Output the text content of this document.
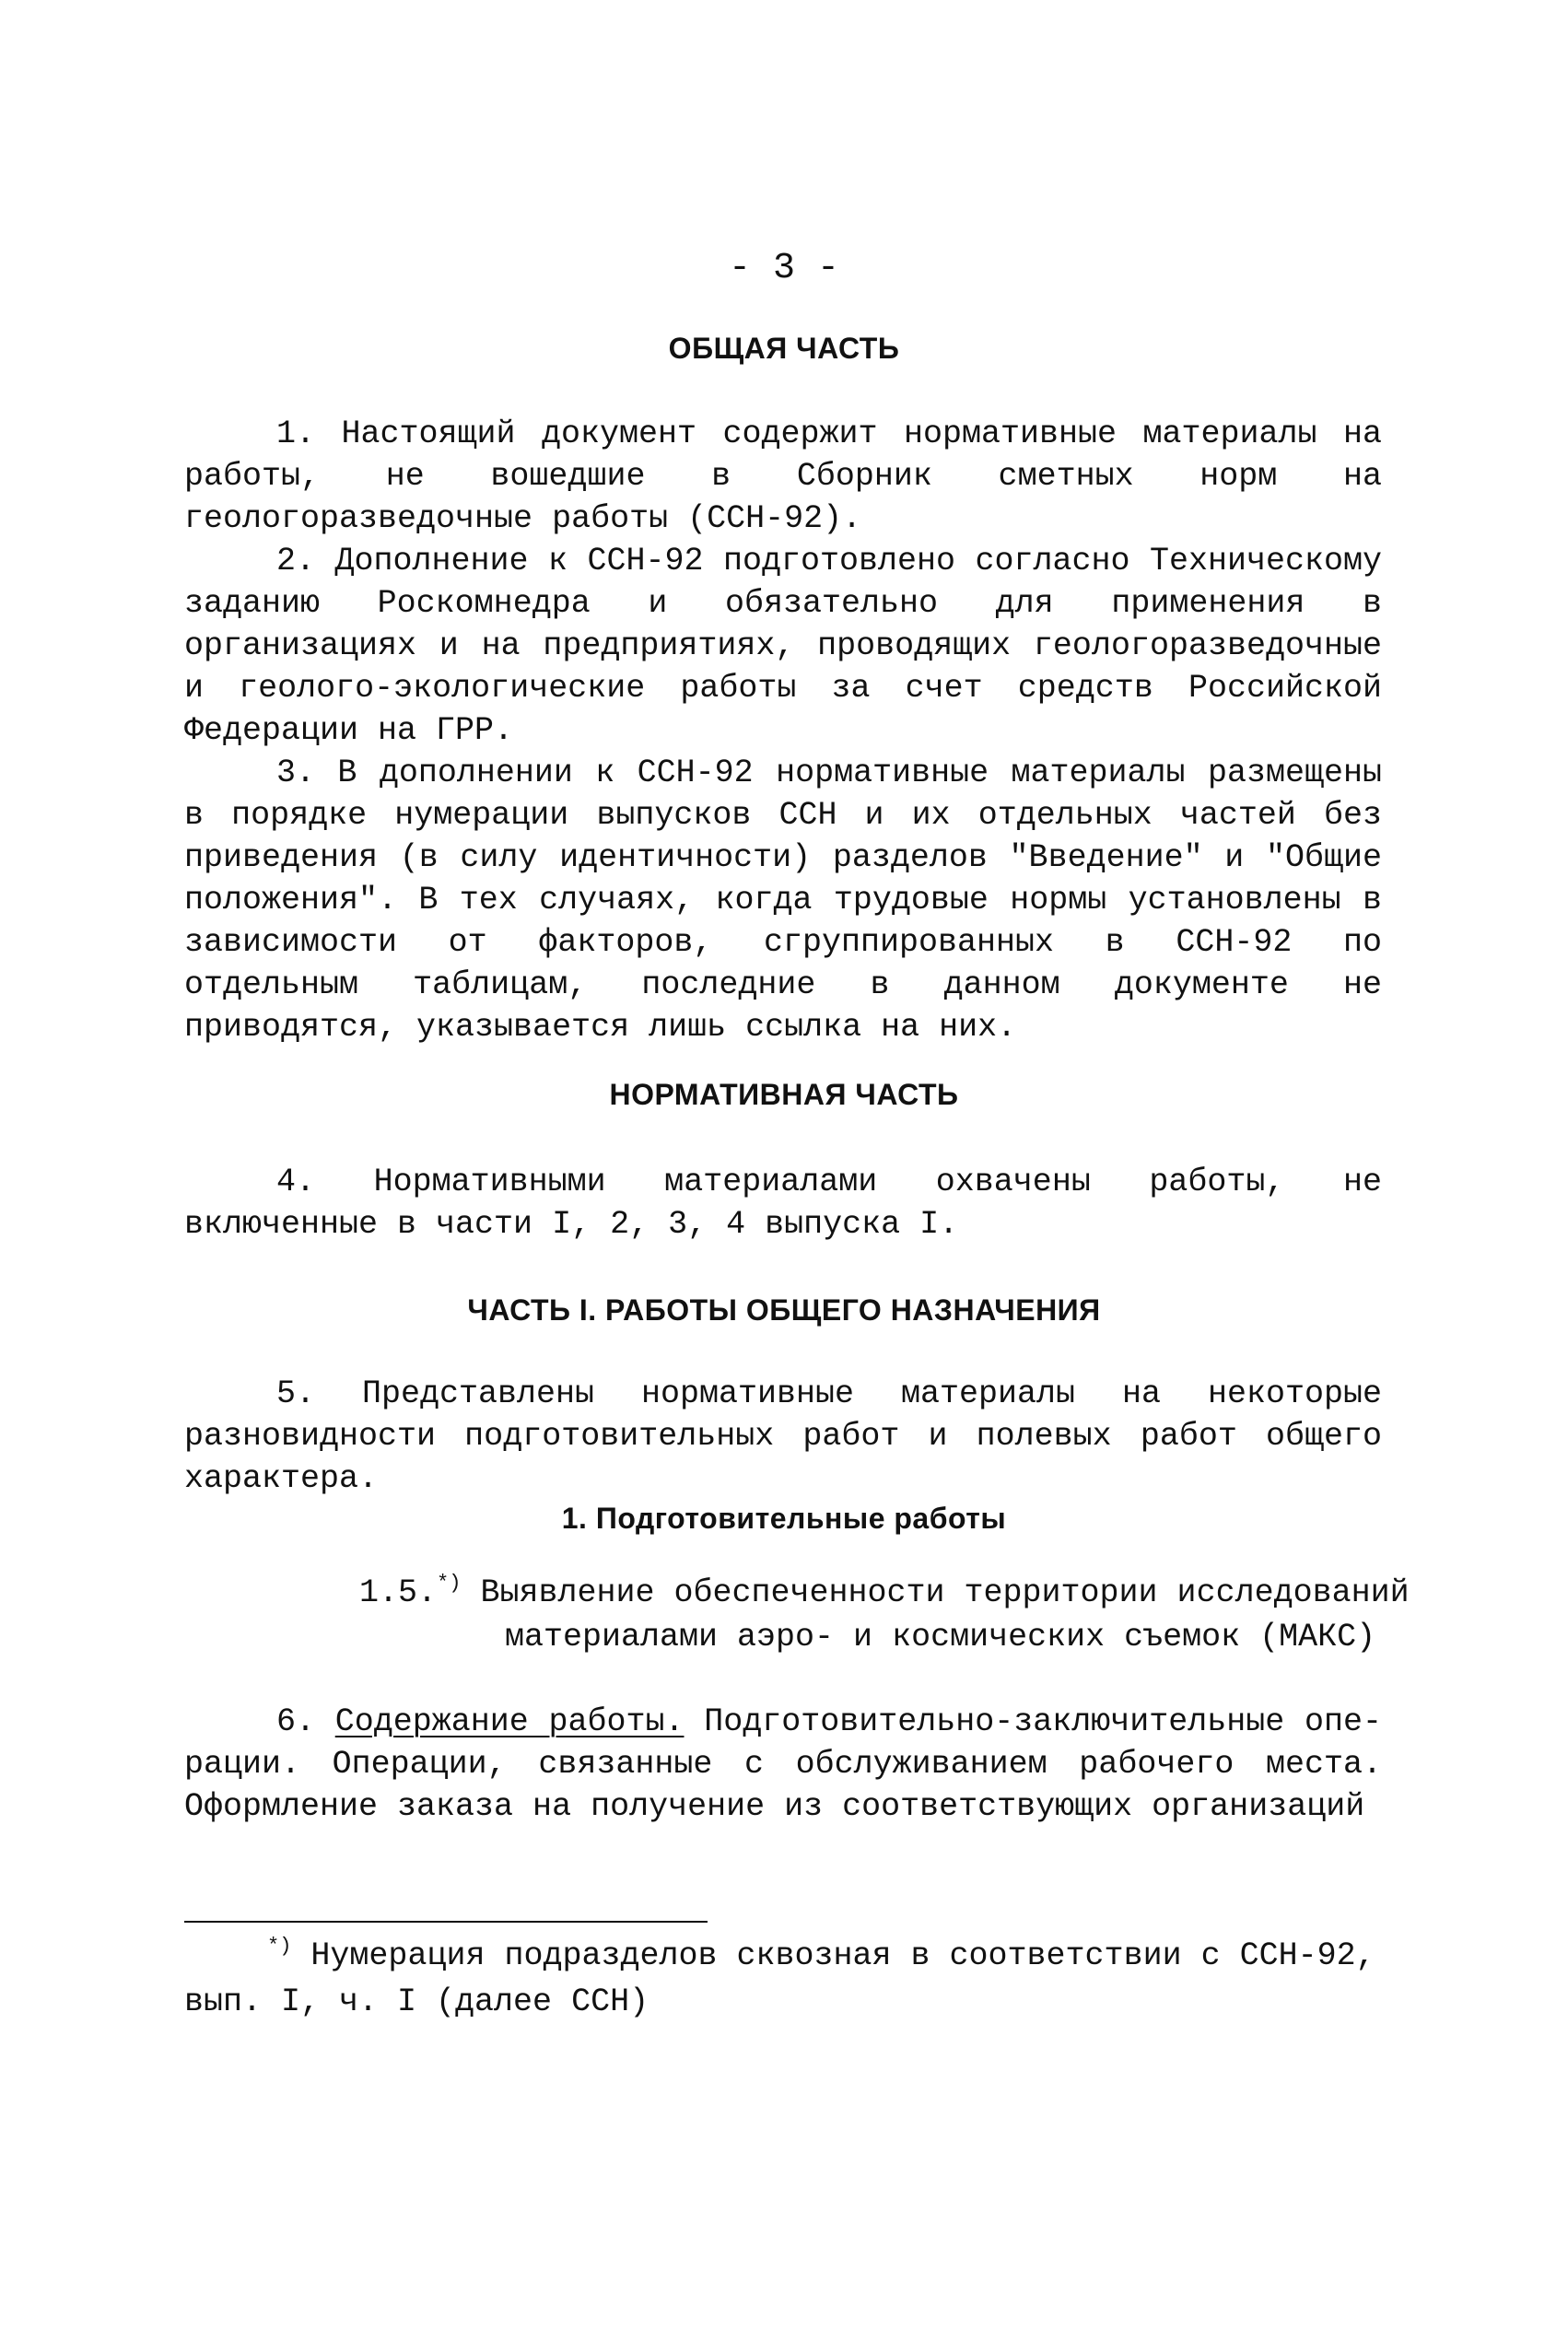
- 3 -
ОБЩАЯ ЧАСТЬ

1. Настоящий документ содержит нормативные материалы на работы, не вошедшие в Сборник сметных норм на геологоразведочные работы (ССН-92).

2. Дополнение к ССН-92 подготовлено согласно Техническому заданию Роскомнедра и обязательно для применения в организациях и на предприятиях, проводящих геологоразведочные и геолого-экологические работы за счет средств Российской Федерации на ГРР.

3. В дополнении к ССН-92 нормативные материалы размещены в порядке нумерации выпусков ССН и их отдельных частей без приведения (в силу идентичности) разделов "Введение" и "Общие положения". В тех случаях, когда трудовые нормы установлены в зависимости от факторов, сгруппированных в ССН-92 по отдельным таблицам, последние в данном документе не приводятся, указывается лишь ссылка на них.

НОРМАТИВНАЯ ЧАСТЬ

4. Нормативными материалами охвачены работы, не включенные в части I, 2, 3, 4 выпуска I.

ЧАСТЬ I. РАБОТЫ ОБЩЕГО НАЗНАЧЕНИЯ

5. Представлены нормативные материалы на некоторые разновидности подготовительных работ и полевых работ общего характера.

1. Подготовительные работы
1.5.*) Выявление обеспеченности территории исследований
материалами аэро- и космических съемок (МАКС)

6. Содержание работы. Подготовительно-заключительные опе- рации. Операции, связанные с обслуживанием рабочего места. Оформление заказа на получение из соответствующих организаций

*) Нумерация подразделов сквозная в соответствии с ССН-92,
вып. I, ч. I (далее ССН)
